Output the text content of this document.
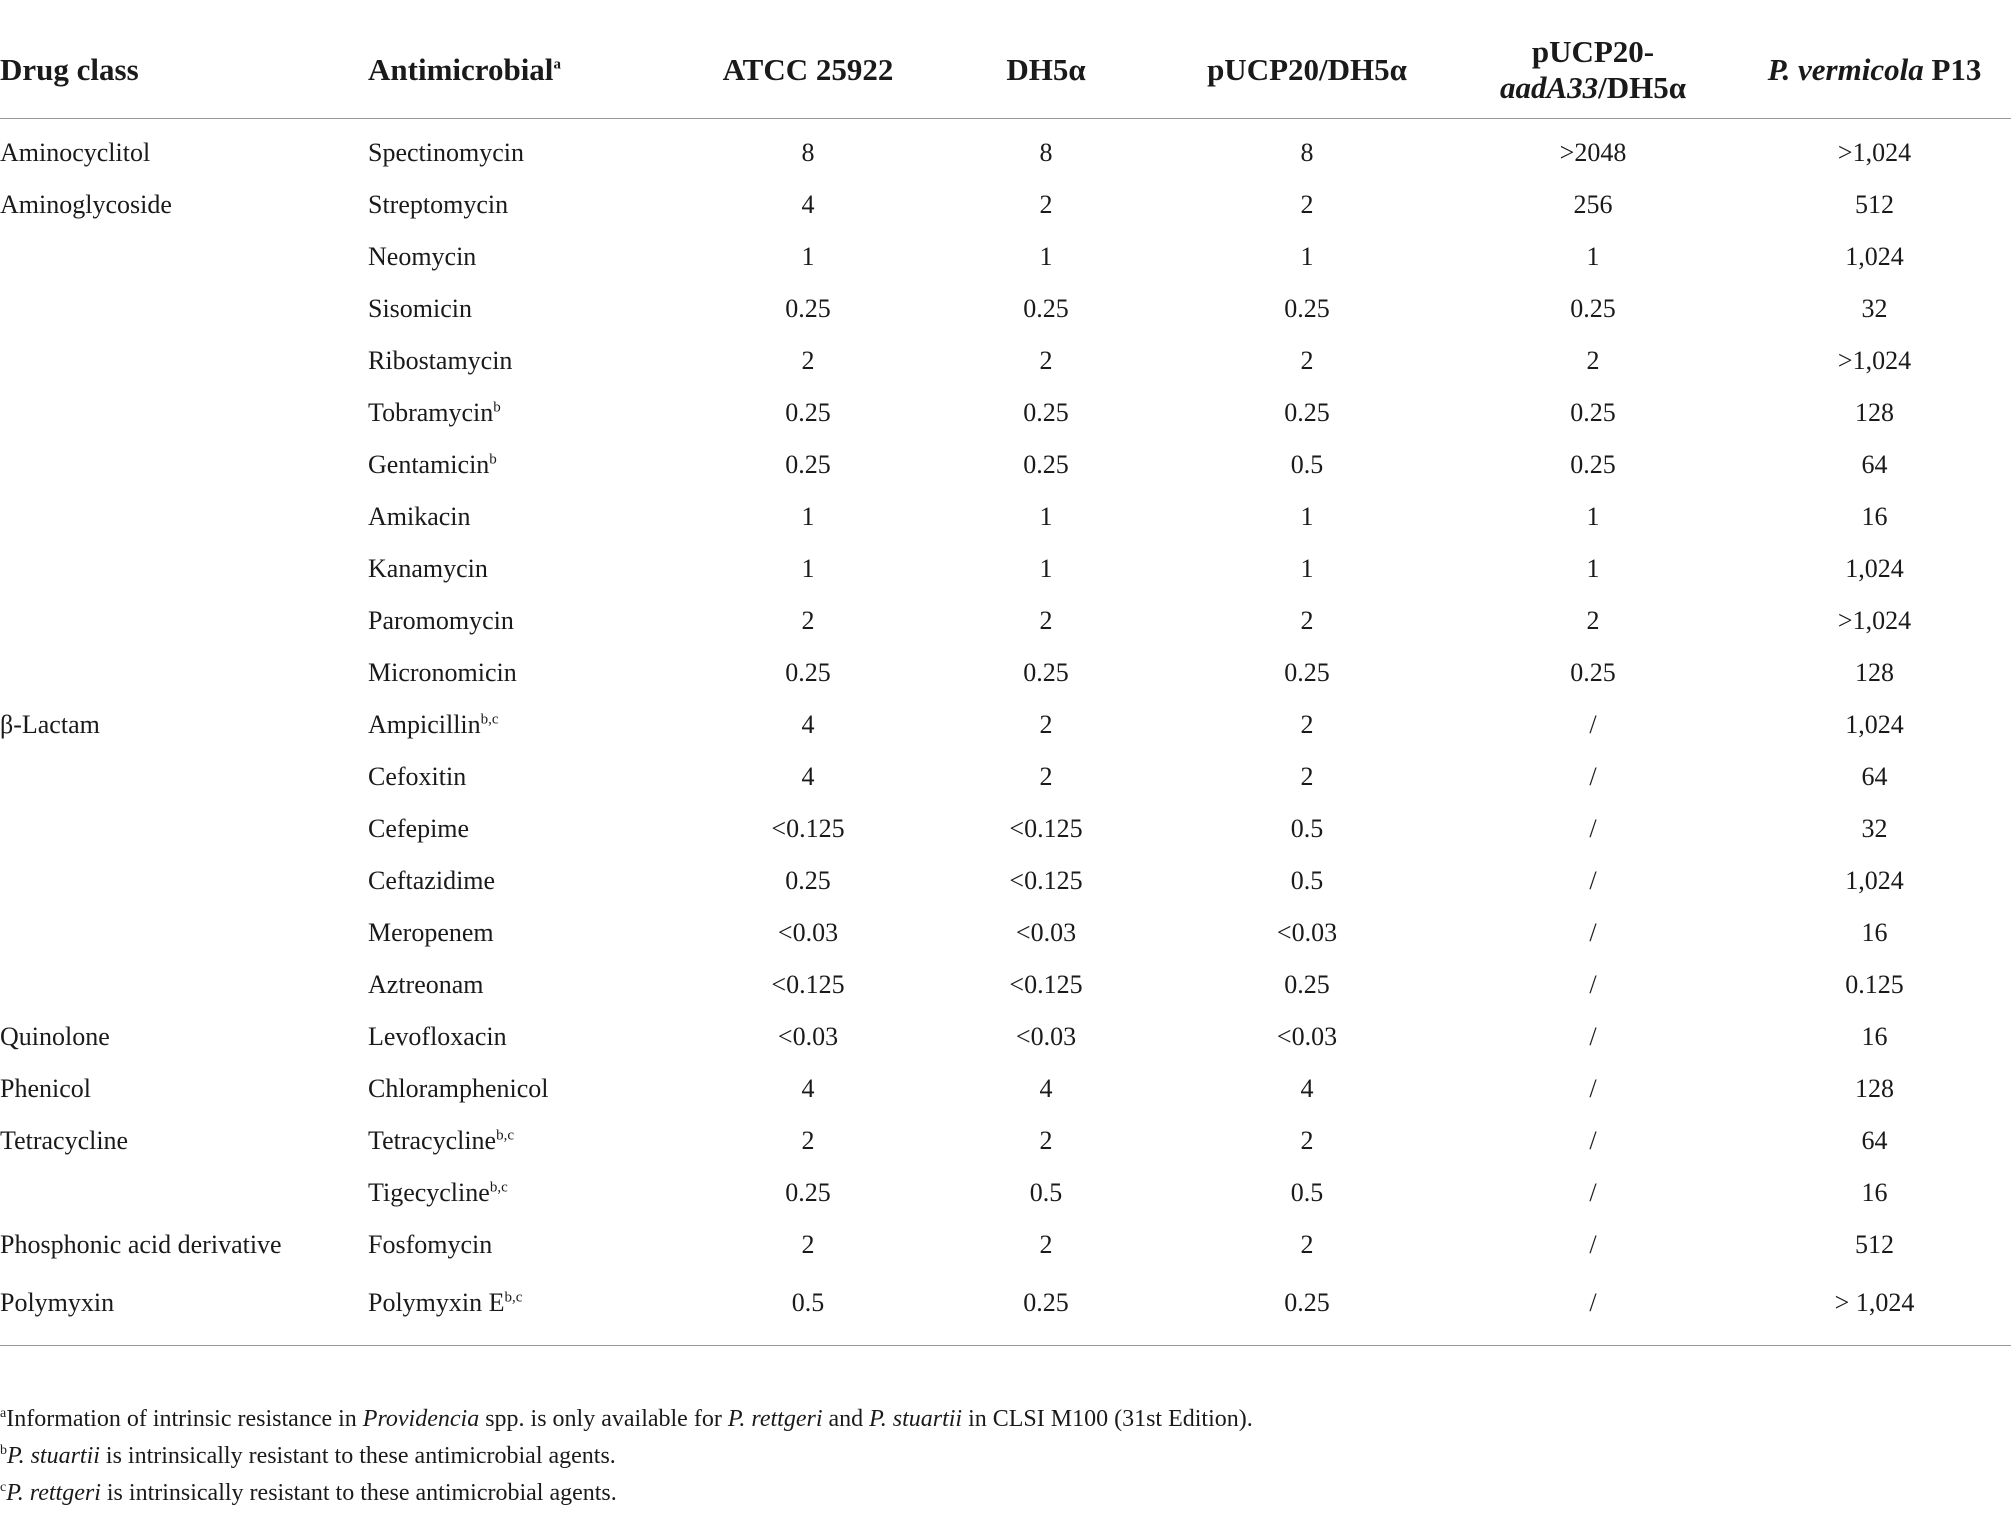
Drug class	Antimicrobial$^a$	ATCC 25922	DH5α	pUCP20/DH5α	pUCP20-
aadA33/DH5α	P. vermicola P13
Aminocyclitol	Spectinomycin	8	8	8	>2048	>1,024
Aminoglycoside	Streptomycin	4	2	2	256	512
	Neomycin	1	1	1	1	1,024
	Sisomicin	0.25	0.25	0.25	0.25	32
	Ribostamycin	2	2	2	2	>1,024
	Tobramycin$^b$	0.25	0.25	0.25	0.25	128
	Gentamicin$^b$	0.25	0.25	0.5	0.25	64
	Amikacin	1	1	1	1	16
	Kanamycin	1	1	1	1	1,024
	Paromomycin	2	2	2	2	>1,024
	Micronomicin	0.25	0.25	0.25	0.25	128
β-Lactam	Ampicillin$^{b,c}$	4	2	2	/	1,024
	Cefoxitin	4	2	2	/	64
	Cefepime	<0.125	<0.125	0.5	/	32
	Ceftazidime	0.25	<0.125	0.5	/	1,024
	Meropenem	<0.03	<0.03	<0.03	/	16
	Aztreonam	<0.125	<0.125	0.25	/	0.125
Quinolone	Levofloxacin	<0.03	<0.03	<0.03	/	16
Phenicol	Chloramphenicol	4	4	4	/	128
Tetracycline	Tetracycline$^{b,c}$	2	2	2	/	64
	Tigecycline$^{b,c}$	0.25	0.5	0.5	/	16
Phosphonic acid derivative	Fosfomycin	2	2	2	/	512
Polymyxin	Polymyxin E$^{b,c}$	0.5	0.25	0.25	/	> 1,024
$^a$Information of intrinsic resistance in Providencia spp. is only available for P. rettgeri and P. stuartii in CLSI M100 (31st Edition).
$^b$P. stuartii is intrinsically resistant to these antimicrobial agents.
$^c$P. rettgeri is intrinsically resistant to these antimicrobial agents.
